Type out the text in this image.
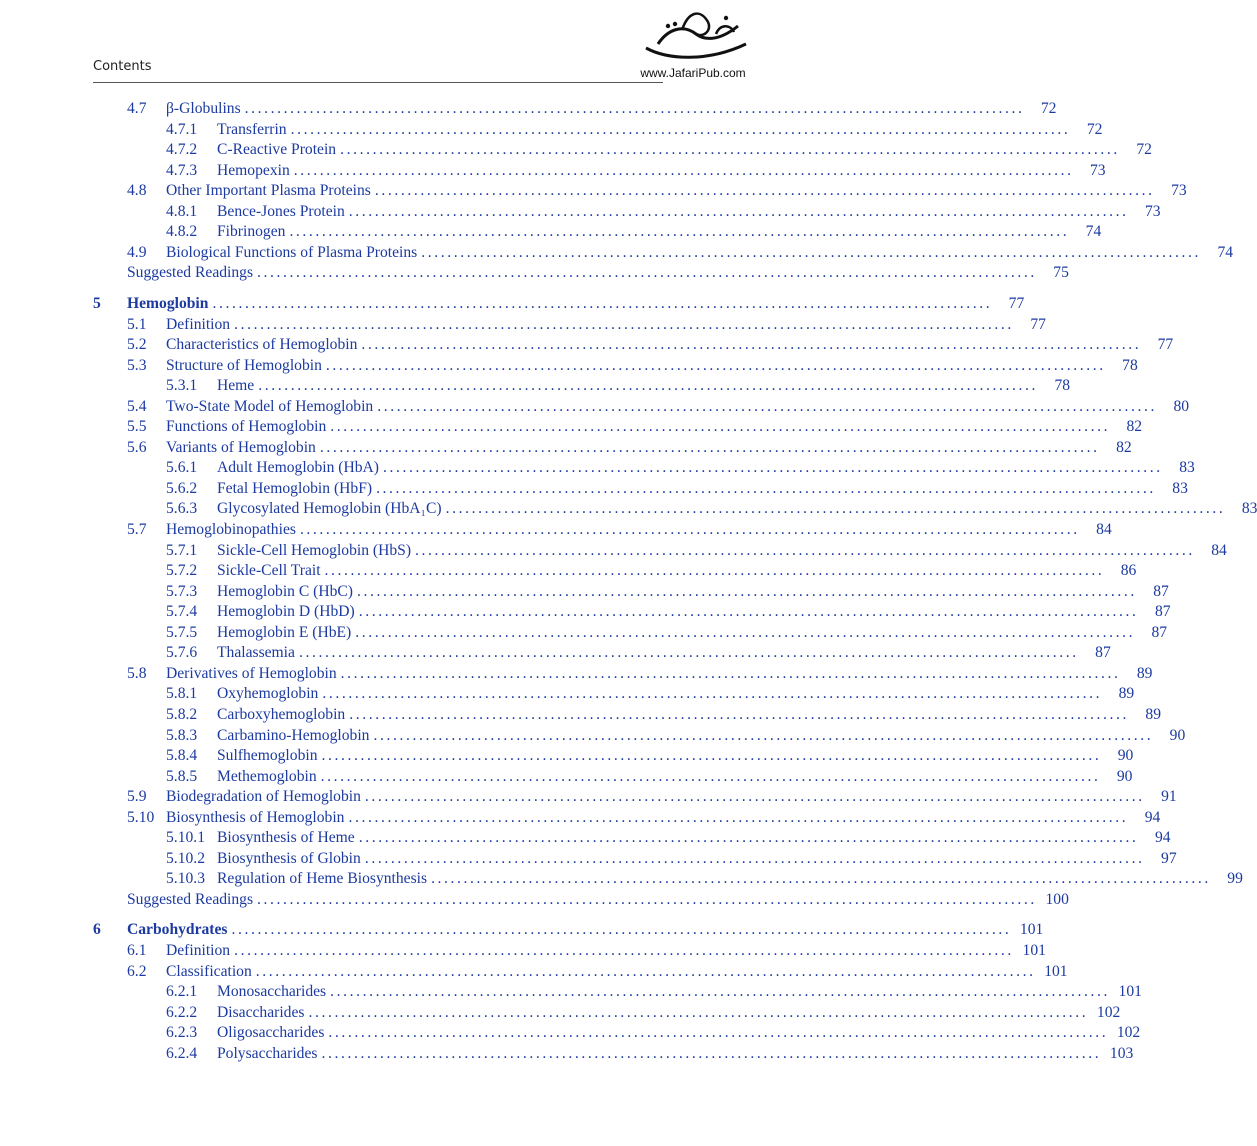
Contents	www.JafariPub.com
4.7	β-Globulins ........................................................................................................................	72
4.7.1	Transferrin ........................................................................................................................	72
4.7.2	C-Reactive Protein ........................................................................................................................	72
4.7.3	Hemopexin ........................................................................................................................	73
4.8	Other Important Plasma Proteins ........................................................................................................................	73
4.8.1	Bence-Jones Protein ........................................................................................................................	73
4.8.2	Fibrinogen ........................................................................................................................	74
4.9	Biological Functions of Plasma Proteins ........................................................................................................................	74
Suggested Readings ........................................................................................................................	75
5	Hemoglobin ........................................................................................................................	77
5.1	Definition ........................................................................................................................	77
5.2	Characteristics of Hemoglobin ........................................................................................................................	77
5.3	Structure of Hemoglobin ........................................................................................................................	78
5.3.1	Heme ........................................................................................................................	78
5.4	Two-State Model of Hemoglobin ........................................................................................................................	80
5.5	Functions of Hemoglobin ........................................................................................................................	82
5.6	Variants of Hemoglobin ........................................................................................................................	82
5.6.1	Adult Hemoglobin (HbA) ........................................................................................................................	83
5.6.2	Fetal Hemoglobin (HbF) ........................................................................................................................	83
5.6.3	Glycosylated Hemoglobin (HbA₁C) ........................................................................................................................	83
5.7	Hemoglobinopathies ........................................................................................................................	84
5.7.1	Sickle-Cell Hemoglobin (HbS) ........................................................................................................................	84
5.7.2	Sickle-Cell Trait ........................................................................................................................	86
5.7.3	Hemoglobin C (HbC) ........................................................................................................................	87
5.7.4	Hemoglobin D (HbD) ........................................................................................................................	87
5.7.5	Hemoglobin E (HbE) ........................................................................................................................	87
5.7.6	Thalassemia ........................................................................................................................	87
5.8	Derivatives of Hemoglobin ........................................................................................................................	89
5.8.1	Oxyhemoglobin ........................................................................................................................	89
5.8.2	Carboxyhemoglobin ........................................................................................................................	89
5.8.3	Carbamino-Hemoglobin ........................................................................................................................	90
5.8.4	Sulfhemoglobin ........................................................................................................................	90
5.8.5	Methemoglobin ........................................................................................................................	90
5.9	Biodegradation of Hemoglobin ........................................................................................................................	91
5.10 Biosynthesis of Hemoglobin ........................................................................................................................	94
5.10.1 Biosynthesis of Heme ........................................................................................................................	94
5.10.2 Biosynthesis of Globin ........................................................................................................................	97
5.10.3 Regulation of Heme Biosynthesis ........................................................................................................................	99
Suggested Readings ........................................................................................................................ 100
6	Carbohydrates ........................................................................................................................ 101
6.1	Definition ........................................................................................................................ 101
6.2	Classification ........................................................................................................................ 101
6.2.1	Monosaccharides ........................................................................................................................ 101
6.2.2	Disaccharides ........................................................................................................................ 102
6.2.3	Oligosaccharides ........................................................................................................................ 102
6.2.4	Polysaccharides ........................................................................................................................ 103
